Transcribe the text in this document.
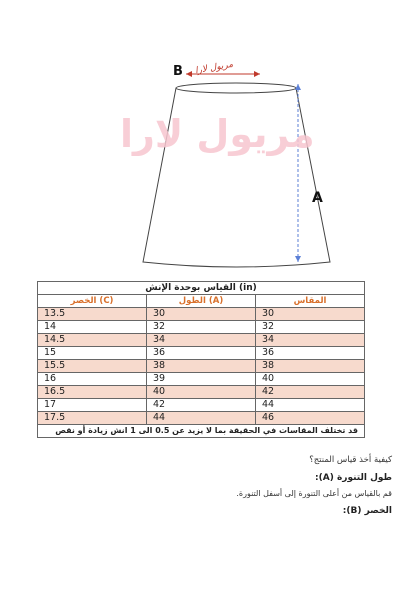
مريول لارا
B
A
مريول لارا
القياس بوحدة الإنش (in)		
الخصر (C)	الطول (A)	المقاس
13.5	30	30
14	32	32
14.5	34	34
15	36	36
15.5	38	38
16	39	40
16.5	40	42
17	42	44
17.5	44	46
قد تختلف المقاسات في الحقيقة بما لا يزيد عن 0.5 الى 1 انش زيادة أو نقص		
كيفية أخذ قياس المنتج؟
طول التنورة (A):
قم بالقياس من أعلى التنورة إلى أسفل التنورة.
الخصر (B):
